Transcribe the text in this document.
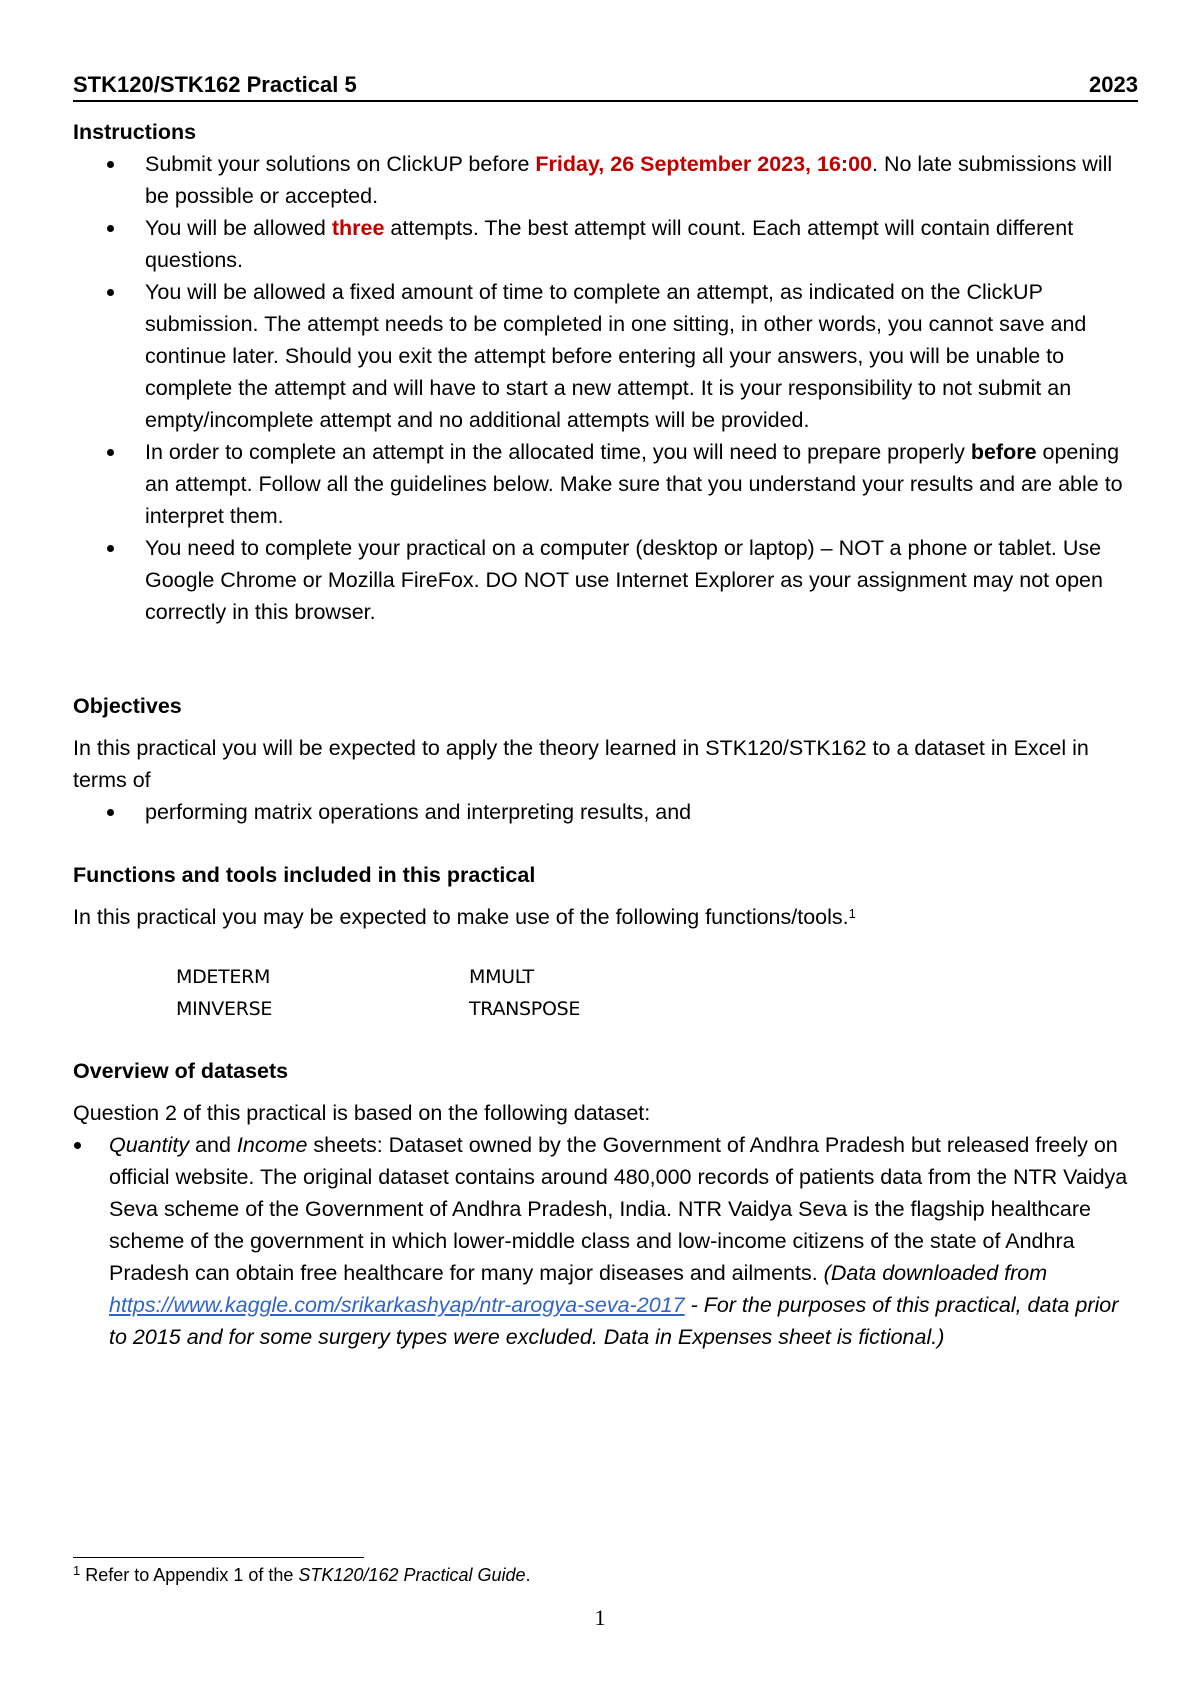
STK120/STK162 Practical 5	2023
Instructions
Submit your solutions on ClickUP before Friday, 26 September 2023, 16:00. No late submissions will be possible or accepted.
You will be allowed three attempts. The best attempt will count. Each attempt will contain different questions.
You will be allowed a fixed amount of time to complete an attempt, as indicated on the ClickUP submission. The attempt needs to be completed in one sitting, in other words, you cannot save and continue later. Should you exit the attempt before entering all your answers, you will be unable to complete the attempt and will have to start a new attempt. It is your responsibility to not submit an empty/incomplete attempt and no additional attempts will be provided.
In order to complete an attempt in the allocated time, you will need to prepare properly before opening an attempt. Follow all the guidelines below. Make sure that you understand your results and are able to interpret them.
You need to complete your practical on a computer (desktop or laptop) – NOT a phone or tablet. Use Google Chrome or Mozilla FireFox. DO NOT use Internet Explorer as your assignment may not open correctly in this browser.
Objectives

In this practical you will be expected to apply the theory learned in STK120/STK162 to a dataset in Excel in terms of

performing matrix operations and interpreting results, and
Functions and tools included in this practical

In this practical you may be expected to make use of the following functions/tools.$^1$

MDETERM
MINVERSE
MMULT
TRANSPOSE
Overview of datasets

Question 2 of this practical is based on the following dataset:

Quantity and Income sheets: Dataset owned by the Government of Andhra Pradesh but released freely on official website. The original dataset contains around 480,000 records of patients data from the NTR Vaidya Seva scheme of the Government of Andhra Pradesh, India. NTR Vaidya Seva is the flagship healthcare scheme of the government in which lower-middle class and low-income citizens of the state of Andhra Pradesh can obtain free healthcare for many major diseases and ailments. (Data downloaded from https://www.kaggle.com/srikarkashyap/ntr-arogya-seva-2017 - For the purposes of this practical, data prior to 2015 and for some surgery types were excluded. Data in Expenses sheet is fictional.)
$^1$ Refer to Appendix 1 of the STK120/162 Practical Guide.
1
